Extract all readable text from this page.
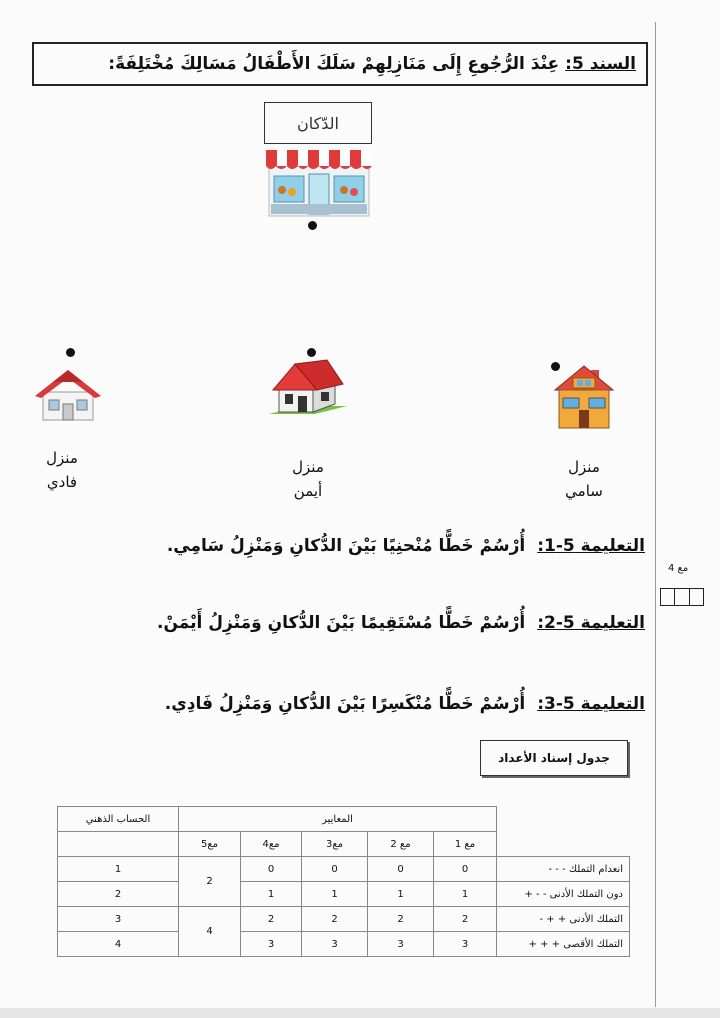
السند 5:
عِنْدَ الرُّجُوعِ إِلَى مَنَازِلِهِمْ سَلَكَ الأَطْفَالُ مَسَالِكَ مُخْتَلِفَةً:
الدّكان
منزل
فادي
منزل
أيمن
منزل
سامي
التعليمة 5-1: أُرْسُمْ خَطًّا مُنْحنِيًا بَيْنَ الدُّكانِ وَمَنْزِلُ سَامِي.
التعليمة 5-2: أُرْسُمْ خَطًّا مُسْتَقِيمًا بَيْنَ الدُّكانِ وَمَنْزِلُ أَيْمَنْ.
التعليمة 5-3: أُرْسُمْ خَطًّا مُنْكَسِرًا بَيْنَ الدُّكانِ وَمَنْزِلُ فَادِي.
مع 4
جدول إسناد الأعداد
الحساب الذهني	المعايير					
	مع5	مع4	مع3	مع 2	مع 1	
1	2	0	0	0	0	انعدام التملك - - -
2		1	1	1	1	دون التملك الأدنى - - +
3	4	2	2	2	2	التملك الأدنى + + -
4		3	3	3	3	التملك الأقصى + + +
